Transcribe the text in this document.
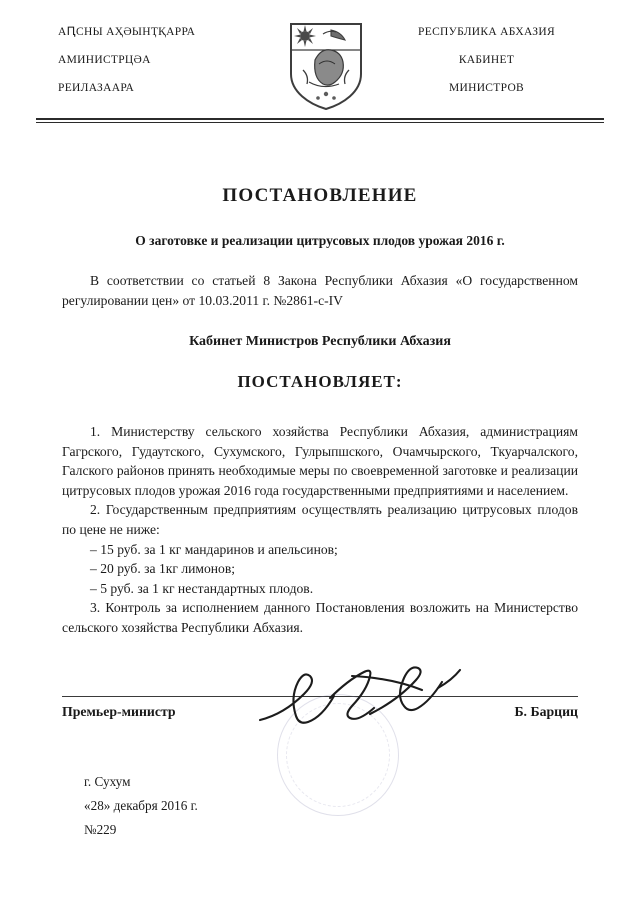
АԤСНЫ АҲӘЫНҬҚАРРА
АМИНИСТРЦӘА
РЕИЛАЗААРА
РЕСПУБЛИКА АБХАЗИЯ
КАБИНЕТ
МИНИСТРОВ
ПОСТАНОВЛЕНИЕ
О заготовке и реализации цитрусовых плодов урожая 2016 г.
В соответствии со статьей 8 Закона Республики Абхазия «О государственном регулировании цен» от 10.03.2011 г. №2861-с-IV
Кабинет Министров Республики Абхазия
ПОСТАНОВЛЯЕТ:
1. Министерству сельского хозяйства Республики Абхазия, администрациям Гагрского, Гудаутского, Сухумского, Гулрыпшского, Очамчырского, Ткуарчалского, Галского районов принять необходимые меры по своевременной заготовке и реализации цитрусовых плодов урожая 2016 года государственными предприятиями и населением.
2. Государственным предприятиям осуществлять реализацию цитрусовых плодов по цене не ниже:
– 15 руб. за 1 кг мандаринов и апельсинов;
– 20 руб. за 1кг лимонов;
– 5 руб. за 1 кг нестандартных плодов.
3. Контроль за исполнением данного Постановления возложить на Министерство сельского хозяйства Республики Абхазия.
Премьер-министр	Б. Барциц
г. Сухум
«28» декабря 2016 г.
№229
